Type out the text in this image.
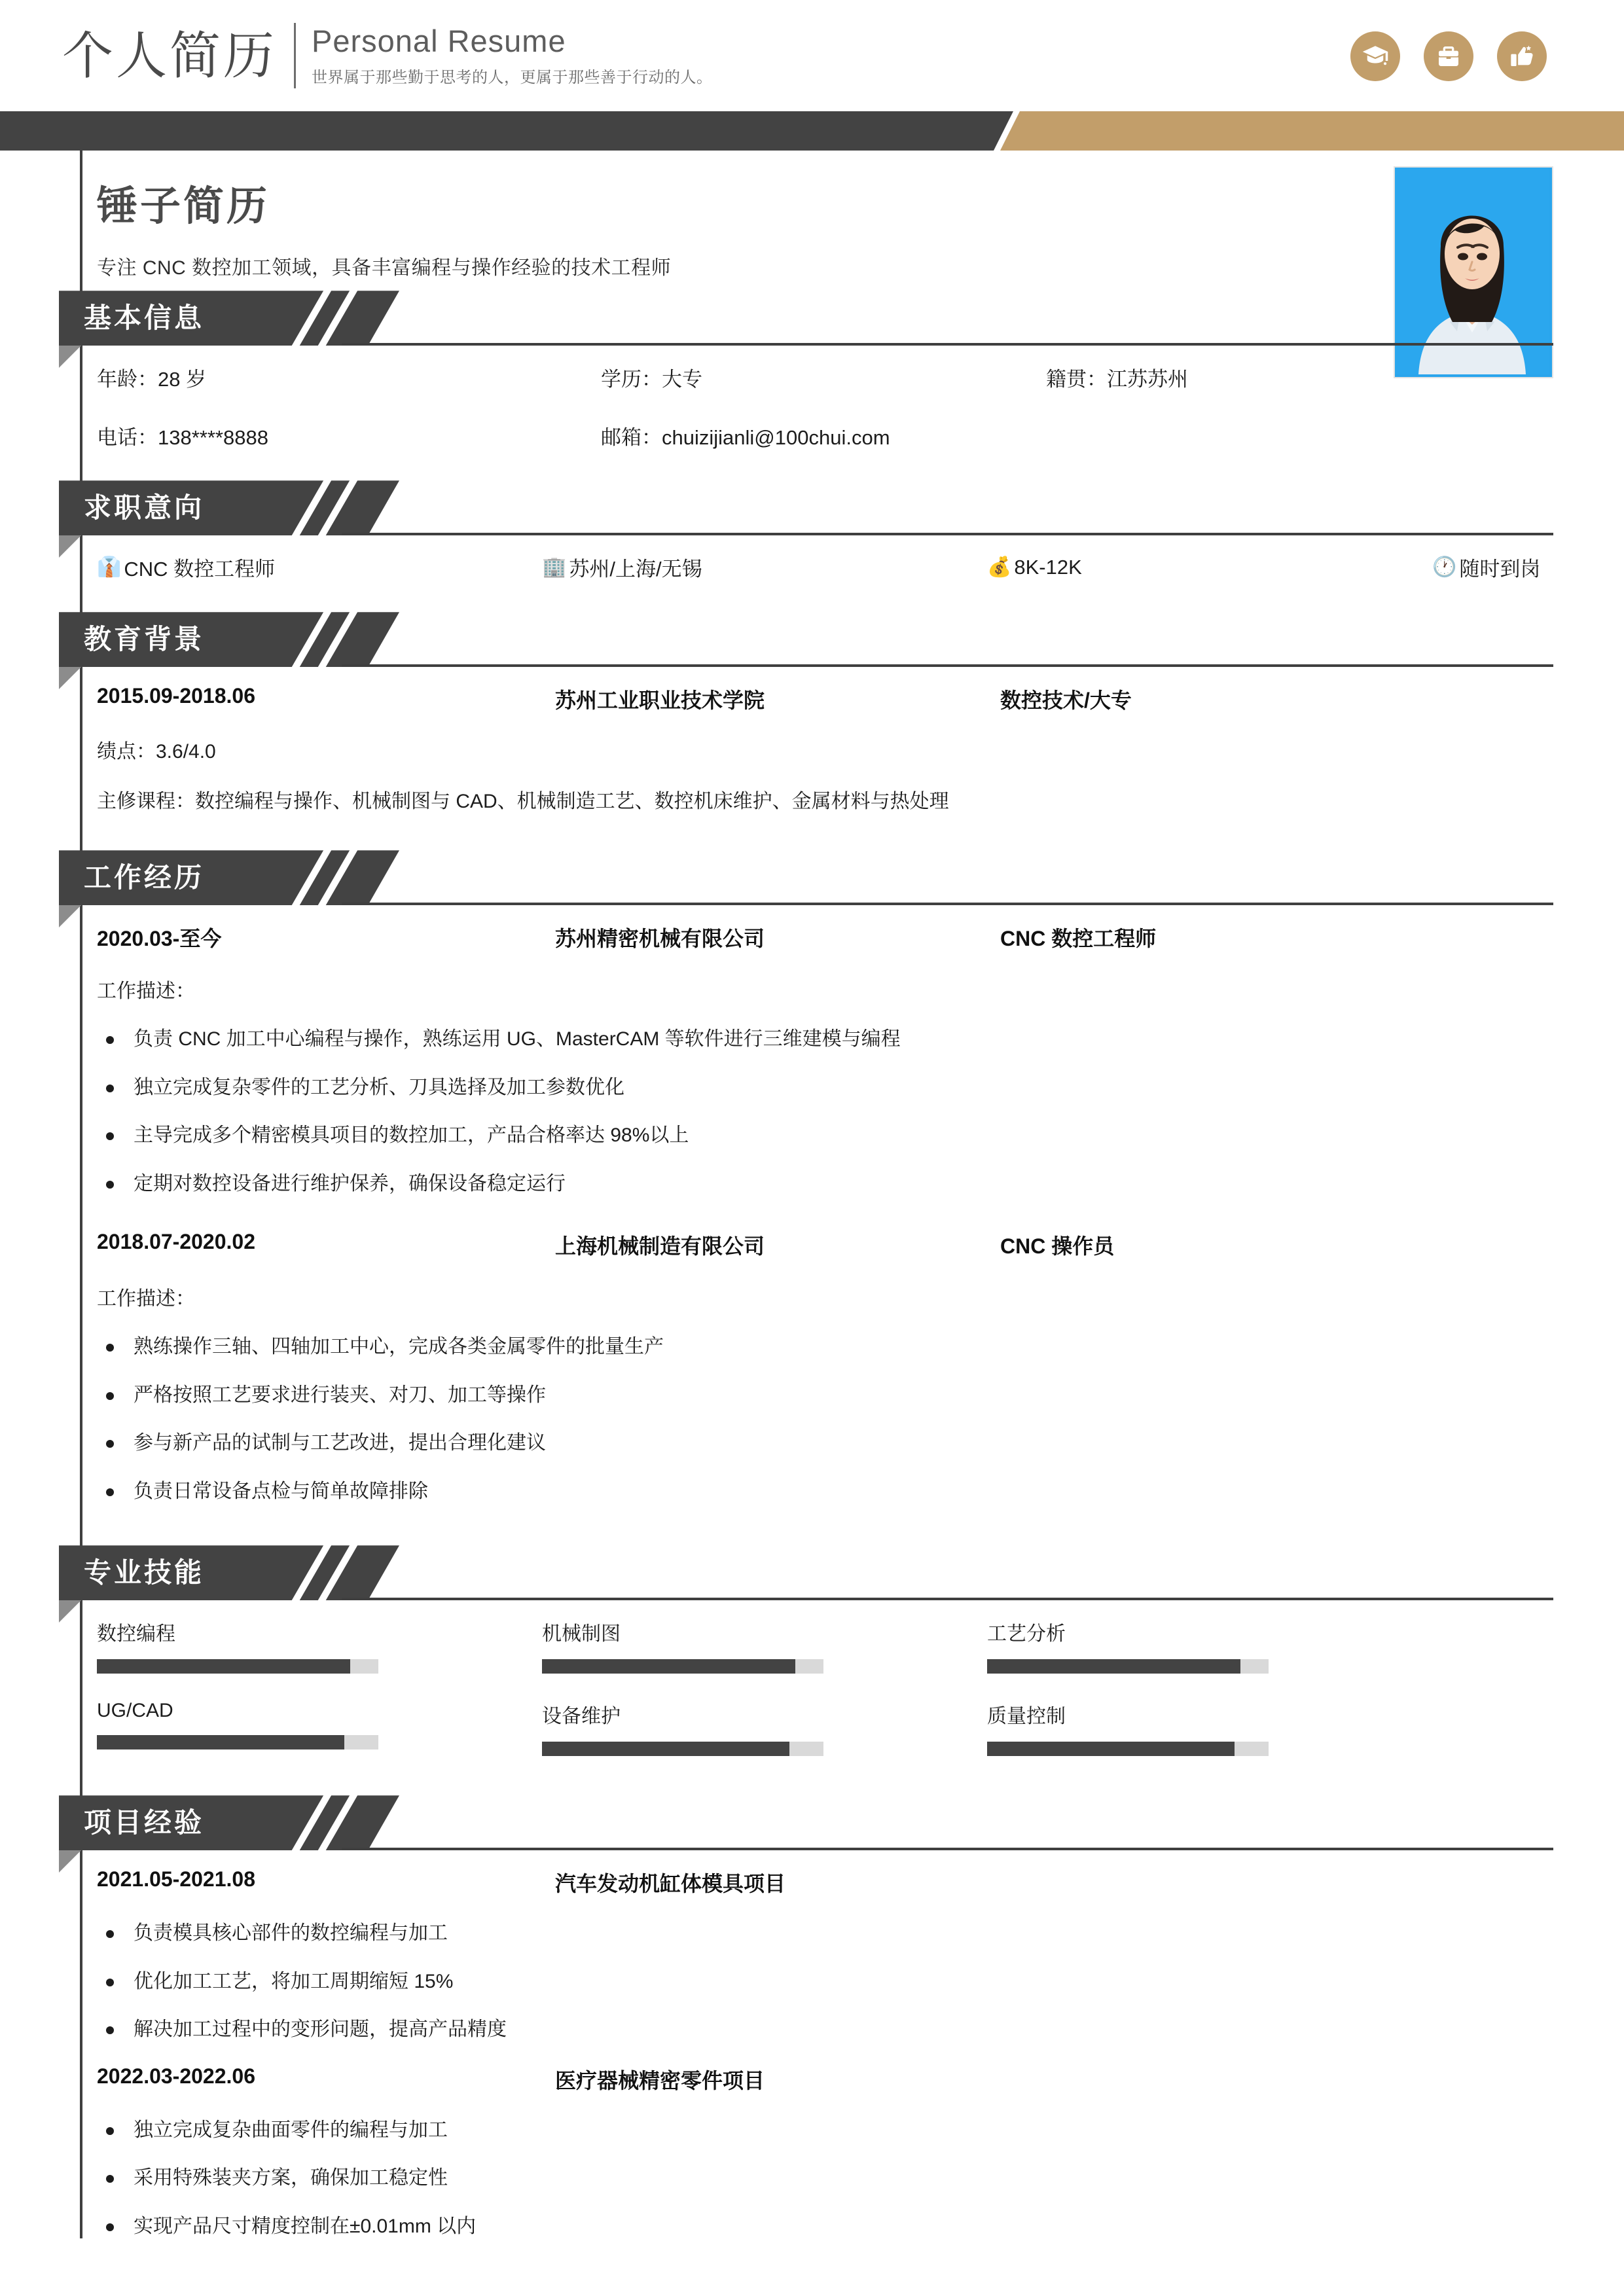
个人简历	Personal Resume
世界属于那些勤于思考的人，更属于那些善于行动的人。
锤子简历
专注 CNC 数控加工领域，具备丰富编程与操作经验的技术工程师
基本信息
年龄：28 岁	学历：大专	籍贯：江苏苏州
电话：138****8888	邮箱：chuizijianli@100chui.com
求职意向
👔 CNC 数控工程师	🏢 苏州/上海/无锡	💰 8K-12K	🕐 随时到岗
教育背景
2015.09-2018.06	苏州工业职业技术学院	数控技术/大专
绩点：3.6/4.0
主修课程：数控编程与操作、机械制图与 CAD、机械制造工艺、数控机床维护、金属材料与热处理
工作经历
2020.03-至今	苏州精密机械有限公司	CNC 数控工程师
工作描述：
负责 CNC 加工中心编程与操作，熟练运用 UG、MasterCAM 等软件进行三维建模与编程
独立完成复杂零件的工艺分析、刀具选择及加工参数优化
主导完成多个精密模具项目的数控加工，产品合格率达 98%以上
定期对数控设备进行维护保养，确保设备稳定运行
2018.07-2020.02	上海机械制造有限公司	CNC 操作员
工作描述：
熟练操作三轴、四轴加工中心，完成各类金属零件的批量生产
严格按照工艺要求进行装夹、对刀、加工等操作
参与新产品的试制与工艺改进，提出合理化建议
负责日常设备点检与简单故障排除
专业技能
数控编程	机械制图	工艺分析
UG/CAD	设备维护	质量控制
项目经验
2021.05-2021.08	汽车发动机缸体模具项目
负责模具核心部件的数控编程与加工
优化加工工艺，将加工周期缩短 15%
解决加工过程中的变形问题，提高产品精度
2022.03-2022.06	医疗器械精密零件项目
独立完成复杂曲面零件的编程与加工
采用特殊装夹方案，确保加工稳定性
实现产品尺寸精度控制在±0.01mm 以内
